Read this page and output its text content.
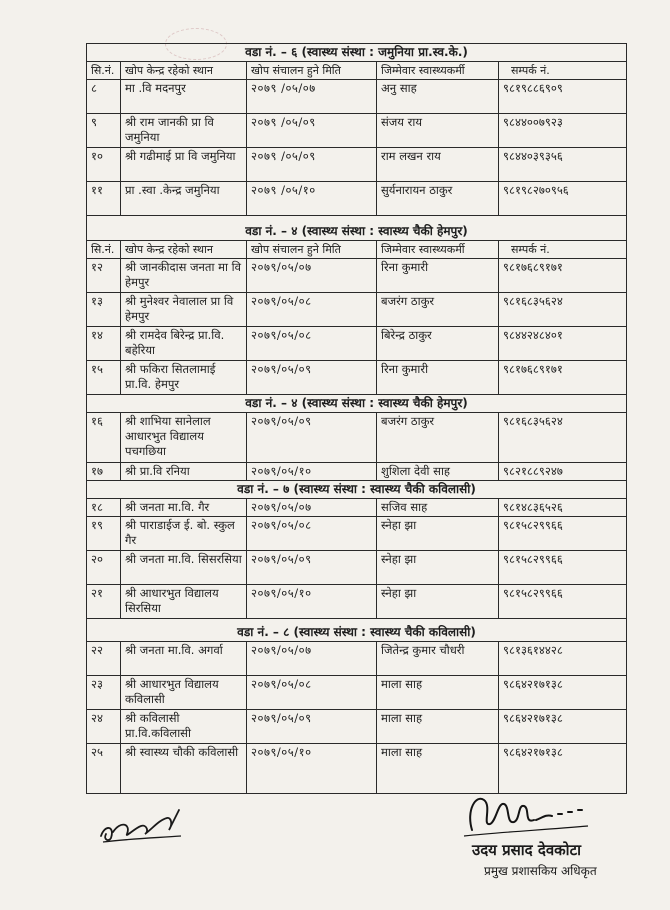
वडा नं. – ६ (स्वास्थ्य संस्था : जमुनिया प्रा.स्व.के.)				
सि.नं.	खोप केन्द्र रहेको स्थान	खोप संचालन हुने मिति	जिम्मेवार स्वास्थ्यकर्मी	सम्पर्क नं.
८	मा .वि मदनपुर	२०७९ /०५/०७	अनु साह	९८१९८८६९०९
९	श्री राम जानकी प्रा वि जमुनिया	२०७९ /०५/०९	संजय राय	९८४४००७९२३
१०	श्री गढीमाई प्रा वि जमुनिया	२०७९ /०५/०९	राम लखन राय	९८४४०३९३५६
११	प्रा .स्वा .केन्द्र जमुनिया	२०७९ /०५/१०	सुर्यनारायन ठाकुर	९८१९८२७०९५६
वडा नं. – ४ (स्वास्थ्य संस्था : स्वास्थ्य चैकी हेमपुर)				
सि.नं.	खोप केन्द्र रहेको स्थान	खोप संचालन हुने मिति	जिम्मेवार स्वास्थ्यकर्मी	सम्पर्क नं.
१२	श्री जानकीदास जनता मा वि हेमपुर	२०७९/०५/०७	रिना कुमारी	९८१७६८९१७१
१३	श्री मुनेश्वर नेवालाल प्रा वि हेमपुर	२०७९/०५/०८	बजरंग ठाकुर	९८१६८३५६२४
१४	श्री रामदेव बिरेन्द्र प्रा.वि. बहेरिया	२०७९/०५/०८	बिरेन्द्र ठाकुर	९८४४२४८४०१
१५	श्री फकिरा सितलामाई प्रा.वि. हेमपुर	२०७९/०५/०९	रिना कुमारी	९८१७६८९१७१
वडा नं. – ४ (स्वास्थ्य संस्था : स्वास्थ्य चैकी हेमपुर)				
१६	श्री शाभिया सानेलाल आधारभुत विद्यालय पचगछिया	२०७९/०५/०९	बजरंग ठाकुर	९८१६८३५६२४
१७	श्री प्रा.वि रनिया	२०७९/०५/१०	शुशिला देवी साह	९८२१८८९२४७
वडा नं. – ७ (स्वास्थ्य संस्था : स्वास्थ्य चैकी कविलासी)				
१८	श्री जनता मा.वि. गैर	२०७९/०५/०७	सजिव साह	९८१४८३६५२६
१९	श्री पाराडाईज ई. बो. स्कुल गैर	२०७९/०५/०८	स्नेहा झा	९८१५८२९९६६
२०	श्री जनता मा.वि. सिसरसिया	२०७९/०५/०९	स्नेहा झा	९८१५८२९९६६
२१	श्री आधारभुत विद्यालय सिरसिया	२०७९/०५/१०	स्नेहा झा	९८१५८२९९६६
वडा नं. – ८ (स्वास्थ्य संस्था : स्वास्थ्य चैकी कविलासी)				
२२	श्री जनता मा.वि. अगर्वा	२०७९/०५/०७	जितेन्द्र कुमार चौधरी	९८१३६१४४२८
२३	श्री आधारभुत विद्यालय कविलासी	२०७९/०५/०८	माला साह	९८६४२१७१३८
२४	श्री कविलासी प्रा.वि.कविलासी	२०७९/०५/०९	माला साह	९८६४२१७१३८
२५	श्री स्वास्थ्य चौकी कविलासी	२०७९/०५/१०	माला साह	९८६४२१७१३८
उदय प्रसाद देवकोटा
प्रमुख प्रशासकिय अधिकृत
